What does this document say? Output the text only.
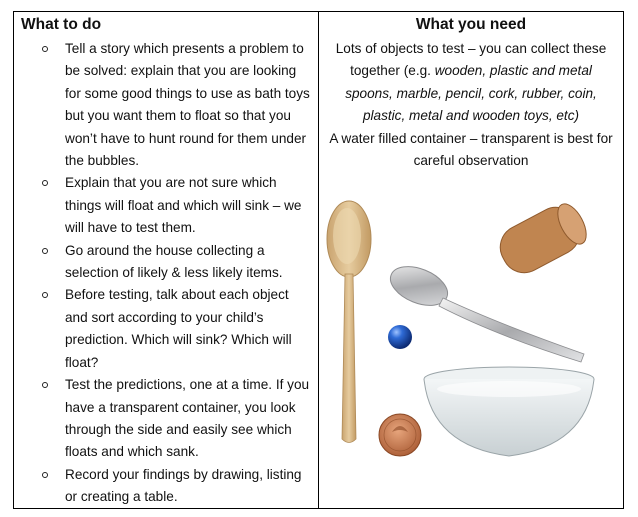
What to do
Tell a story which presents a problem to be solved: explain that you are looking for some good things to use as bath toys but you want them to float so that you won’t have to hunt round for them under the bubbles.
Explain that you are not sure which things will float and which will sink – we will have to test them.
Go around the house collecting a selection of likely & less likely items.
Before testing, talk about each object and sort according to your child’s prediction. Which will sink? Which will float?
Test the predictions, one at a time. If you have a transparent container, you look through the side and easily see which floats and which sank.
Record your findings by drawing, listing or creating a table.
What you need
Lots of objects to test – you can collect these together (e.g. wooden, plastic and metal spoons, marble, pencil, cork, rubber, coin, plastic, metal and wooden toys, etc)
A water filled container – transparent is best for careful observation
